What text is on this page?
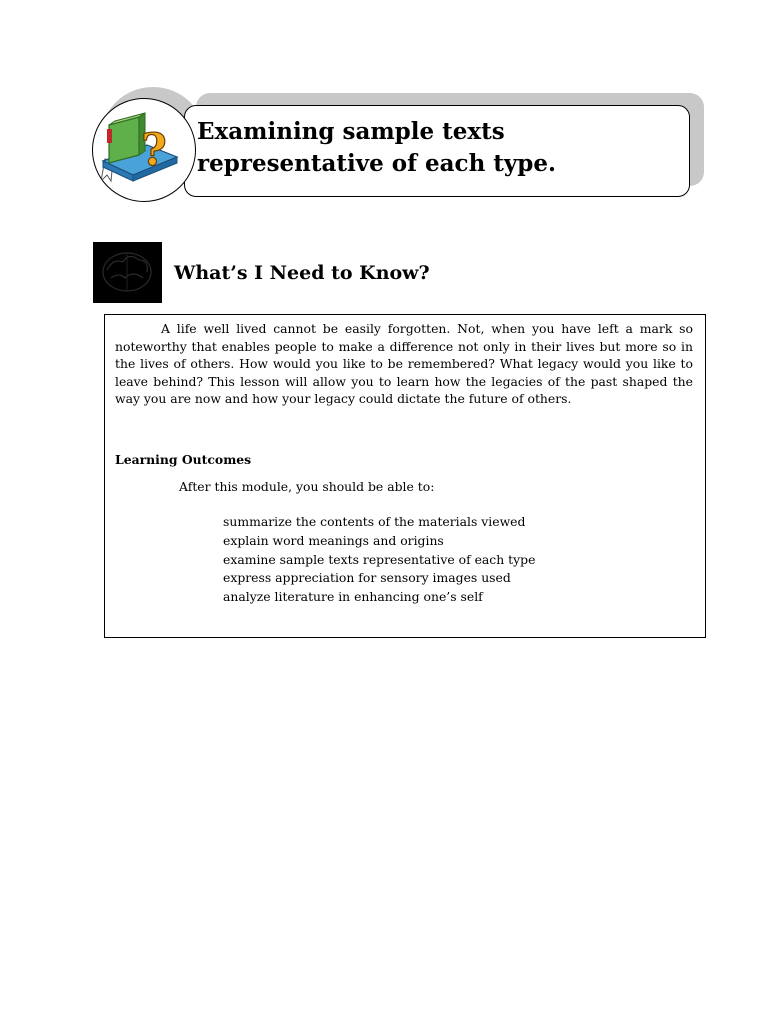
Examining sample texts
representative of each type.
?
What’s I Need to Know?

A life well lived cannot be easily forgotten. Not, when you have left a mark so noteworthy that enables people to make a difference not only in their lives but more so in the lives of others. How would you like to be remembered? What legacy would you like to leave behind? This lesson will allow you to learn how the legacies of the past shaped the way you are now and how your legacy could dictate the future of others.

Learning Outcomes

After this module, you should be able to:

summarize the contents of the materials viewed
explain word meanings and origins
examine sample texts representative of each type
express appreciation for sensory images used
analyze literature in enhancing one’s self
